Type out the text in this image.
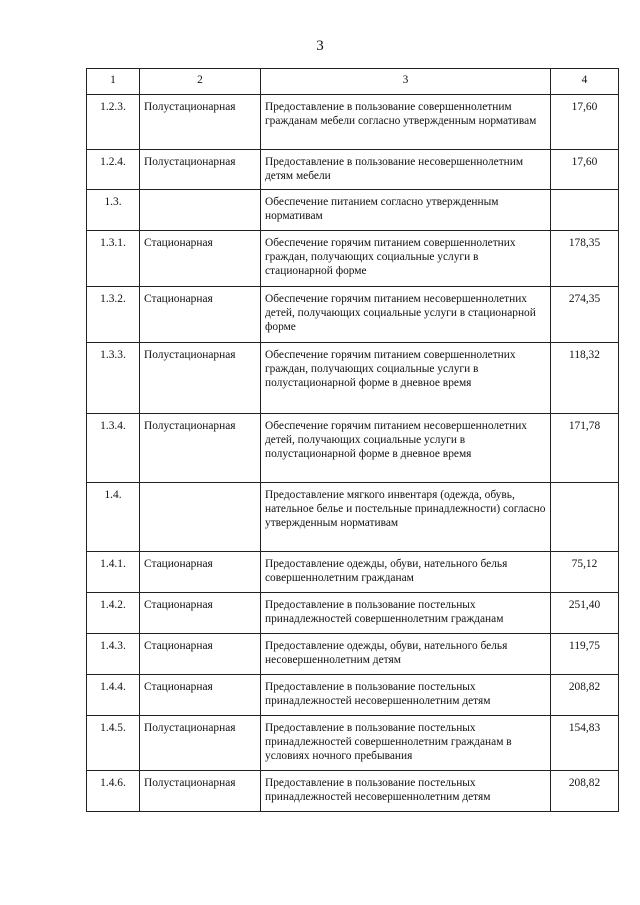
3
1	2	3	4
1.2.3.	Полустационарная	Предоставление в пользование совершеннолетним гражданам мебели согласно утвержденным нормативам	17,60
1.2.4.	Полустационарная	Предоставление в пользование несовершеннолетним детям мебели	17,60
1.3.		Обеспечение питанием согласно утвержденным нормативам	
1.3.1.	Стационарная	Обеспечение горячим питанием совершеннолетних граждан, получающих социальные услуги в стационарной форме	178,35
1.3.2.	Стационарная	Обеспечение горячим питанием несовершеннолетних детей, получающих социальные услуги в стационарной форме	274,35
1.3.3.	Полустационарная	Обеспечение горячим питанием совершеннолетних граждан, получающих социальные услуги в полустационарной форме в дневное время	118,32
1.3.4.	Полустационарная	Обеспечение горячим питанием несовершеннолетних детей, получающих социальные услуги в полустационарной форме в дневное время	171,78
1.4.		Предоставление мягкого инвентаря (одежда, обувь, нательное белье и постельные принадлежности) согласно утвержденным нормативам	
1.4.1.	Стационарная	Предоставление одежды, обуви, нательного белья совершеннолетним гражданам	75,12
1.4.2.	Стационарная	Предоставление в пользование постельных принадлежностей совершеннолетним гражданам	251,40
1.4.3.	Стационарная	Предоставление одежды, обуви, нательного белья несовершеннолетним детям	119,75
1.4.4.	Стационарная	Предоставление в пользование постельных принадлежностей несовершеннолетним детям	208,82
1.4.5.	Полустационарная	Предоставление в пользование постельных принадлежностей совершеннолетним гражданам в условиях ночного пребывания	154,83
1.4.6.	Полустационарная	Предоставление в пользование постельных принадлежностей несовершеннолетним детям	208,82
